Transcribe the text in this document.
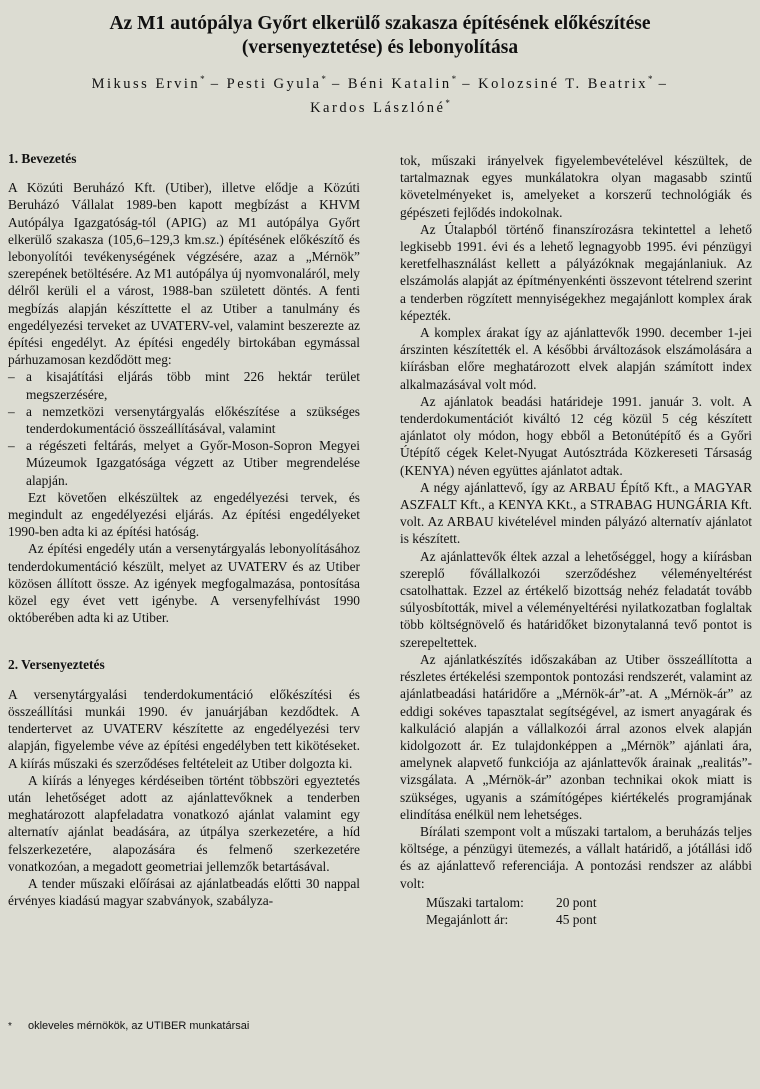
Az M1 autópálya Győrt elkerülő szakasza építésének előkészítése
(versenyeztetése) és lebonyolítása
Mikuss Ervin* – Pesti Gyula* – Béni Katalin* – Kolozsiné T. Beatrix* –
Kardos Lászlóné*
1. Bevezetés

A Közúti Beruházó Kft. (Utiber), illetve elődje a Közúti Beruházó Vállalat 1989-ben kapott megbízást a KHVM Autópálya Igazgatóság-tól (APIG) az M1 autópálya Győrt elkerülő szakasza (105,6–129,3 km.sz.) építésének előkészítő és lebonyolítói tevékenységének végzésére, azaz a „Mérnök” szerepének betöltésére. Az M1 autópálya új nyomvonaláról, mely délről kerüli el a várost, 1988-ban született döntés. A fenti megbízás alapján készíttette el az Utiber a tanulmány és engedélyezési terveket az UVATERV-vel, valamint beszerezte az építési engedélyt. Az építési engedély birtokában egymással párhuzamosan kezdődött meg:

– a kisajátítási eljárás több mint 226 hektár terület megszerzésére,
– a nemzetközi versenytárgyalás előkészítése a szükséges tenderdokumentáció összeállításával, valamint
– a régészeti feltárás, melyet a Győr-Moson-Sopron Megyei Múzeumok Igazgatósága végzett az Utiber megrendelése alapján.

Ezt követően elkészültek az engedélyezési tervek, és megindult az engedélyezési eljárás. Az építési engedélyeket 1990-ben adta ki az építési hatóság.

Az építési engedély után a versenytárgyalás lebonyolításához tenderdokumentáció készült, melyet az UVATERV és az Utiber közösen állított össze. Az igények megfogalmazása, pontosítása közel egy évet vett igénybe. A versenyfelhívást 1990 októberében adta ki az Utiber.

2. Versenyeztetés

A versenytárgyalási tenderdokumentáció előkészítési és összeállítási munkái 1990. év januárjában kezdődtek. A tendertervet az UVATERV készítette az engedélyezési terv alapján, figyelembe véve az építési engedélyben tett kikötéseket. A kiírás műszaki és szerződéses feltételeit az Utiber dolgozta ki.

A kiírás a lényeges kérdéseiben történt többszöri egyeztetés után lehetőséget adott az ajánlattevőknek a tenderben meghatározott alapfeladatra vonatkozó ajánlat valamint egy alternatív ajánlat beadására, az útpálya szerkezetére, a híd felszerkezetére, alapozására és felmenő szerkezetére vonatkozóan, a megadott geometriai jellemzők betartásával.

A tender műszaki előírásai az ajánlatbeadás előtti 30 nappal érvényes kiadású magyar szabványok, szabályza-

tok, műszaki irányelvek figyelembevételével készültek, de tartalmaznak egyes munkálatokra olyan magasabb szintű követelményeket is, amelyeket a korszerű technológiák és gépészeti fejlődés indokolnak.

Az Útalapból történő finanszírozásra tekintettel a lehető legkisebb 1991. évi és a lehető legnagyobb 1995. évi pénzügyi keretfelhasználást kellett a pályázóknak megajánlaniuk. Az elszámolás alapját az építményenkénti összevont tételrend szerint a tenderben rögzített mennyiségekhez megajánlott komplex árak képezték.

A komplex árakat így az ajánlattevők 1990. december 1-jei árszinten készítették el. A későbbi árváltozások elszámolására a kiírásban előre meghatározott elvek alapján számított index alkalmazásával volt mód.

Az ajánlatok beadási határideje 1991. január 3. volt. A tenderdokumentációt kiváltó 12 cég közül 5 cég készített ajánlatot oly módon, hogy ebből a Betonútépítő és a Győri Útépítő cégek Kelet-Nyugat Autósztráda Közkereseti Társaság (KENYA) néven együttes ajánlatot adtak.

A négy ajánlattevő, így az ARBAU Építő Kft., a MAGYAR ASZFALT Kft., a KENYA KKt., a STRABAG HUNGÁRIA Kft. volt. Az ARBAU kivételével minden pályázó alternatív ajánlatot is készített.

Az ajánlattevők éltek azzal a lehetőséggel, hogy a kiírásban szereplő fővállalkozói szerződéshez véleményeltérést csatolhattak. Ezzel az értékelő bizottság nehéz feladatát tovább súlyosbították, mivel a véleményeltérési nyilatkozatban foglaltak több költségnövelő és határidőket bizonytalanná tevő pontot is szerepeltettek.

Az ajánlatkészítés időszakában az Utiber összeállította a részletes értékelési szempontok pontozási rendszerét, valamint az ajánlatbeadási határidőre a „Mérnök-ár”-at. A „Mérnök-ár” az eddigi sokéves tapasztalat segítségével, az ismert anyagárak és kalkuláció alapján a vállalkozói árral azonos elvek alapján kidolgozott ár. Ez tulajdonképpen a „Mérnök” ajánlati ára, amelynek alapvető funkciója az ajánlattevők árainak „realitás”-vizsgálata. A „Mérnök-ár” azonban technikai okok miatt is szükséges, ugyanis a számítógépes kiértékelés programjának elindítása enélkül nem lehetséges.

Bírálati szempont volt a műszaki tartalom, a beruházás teljes költsége, a pénzügyi ütemezés, a vállalt határidő, a jótállási idő és az ajánlattevő referenciája. A pontozási rendszer az alábbi volt:

Műszaki tartalom:	20 pont
Megajánlott ár:	45 pont
* okleveles mérnökök, az UTIBER munkatársai
